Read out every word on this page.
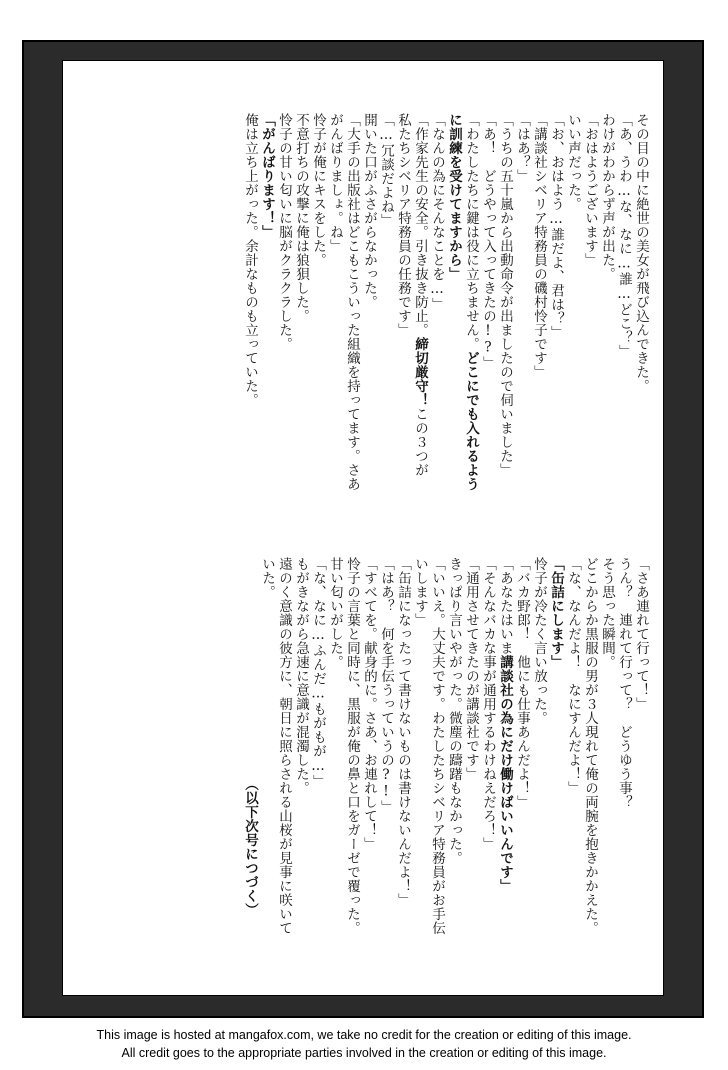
その目の中に絶世の美女が飛び込んできた。
「あ、うわ…な、なに…誰…どこ？」
わけがわからず声が出た。
「おはようございます」
いい声だった。
「お、おはよう…誰だよ、君は？」
「講談社シベリア特務員の磯村怜子です」
「はあ？」
「うちの五十嵐から出動命令が出ましたので伺いました」
「あ！　どうやって入ってきたの!?」
「わたしたちに鍵は役に立ちません。どこにでも入れるよう
に訓練を受けてますから」
「なんの為にそんなことを…」
「作家先生の安全。引き抜き防止。締切厳守！この３つが
私たちシベリア特務員の任務です」
「…冗談だよね」
開いた口がふさがらなかった。
「大手の出版社はどこもこういった組織を持ってます。さあ
がんばりましょ。ね」
怜子が俺にキスをした。
不意打ちの攻撃に俺は狼狽した。
怜子の甘い匂いに脳がクラクラした。
「がんばります！」
俺は立ち上がった。余計なものも立っていた。
「さあ連れて行って！」
うん？　連れて行って？　どうゆう事？
そう思った瞬間。
どこからか黒服の男が３人現れて俺の両腕を抱きかかえた。
「な、なんだよ！　なにすんだよ！」
「缶詰にします」
怜子が冷たく言い放った。
「バカ野郎！　他にも仕事あんだよ！」
「あなたはいま講談社の為にだけ働けばいいんです」
「そんなバカな事が通用するわけねえだろ！」
「通用させてきたのが講談社です」
きっぱり言いやがった。微塵の躊躇もなかった。
「いいえ。大丈夫です。わたしたちシベリア特務員がお手伝
いします」
「缶詰になったって書けないものは書けないんだよ！」
「はあ？　何を手伝うっていうの?!」
「すべてを。献身的に。さあ、お連れして！」
怜子の言葉と同時に、黒服が俺の鼻と口をガーゼで覆った。
甘い匂いがした。
「な、なに…ふんだ…もがもが…」
もがきながら急速に意識が混濁した。
遠のく意識の彼方に、朝日に照らされる山桜が見事に咲いて
いた。
（以下次号につづく）
This image is hosted at mangafox.com, we take no credit for the creation or editing of this image.
All credit goes to the appropriate parties involved in the creation or editing of this image.
